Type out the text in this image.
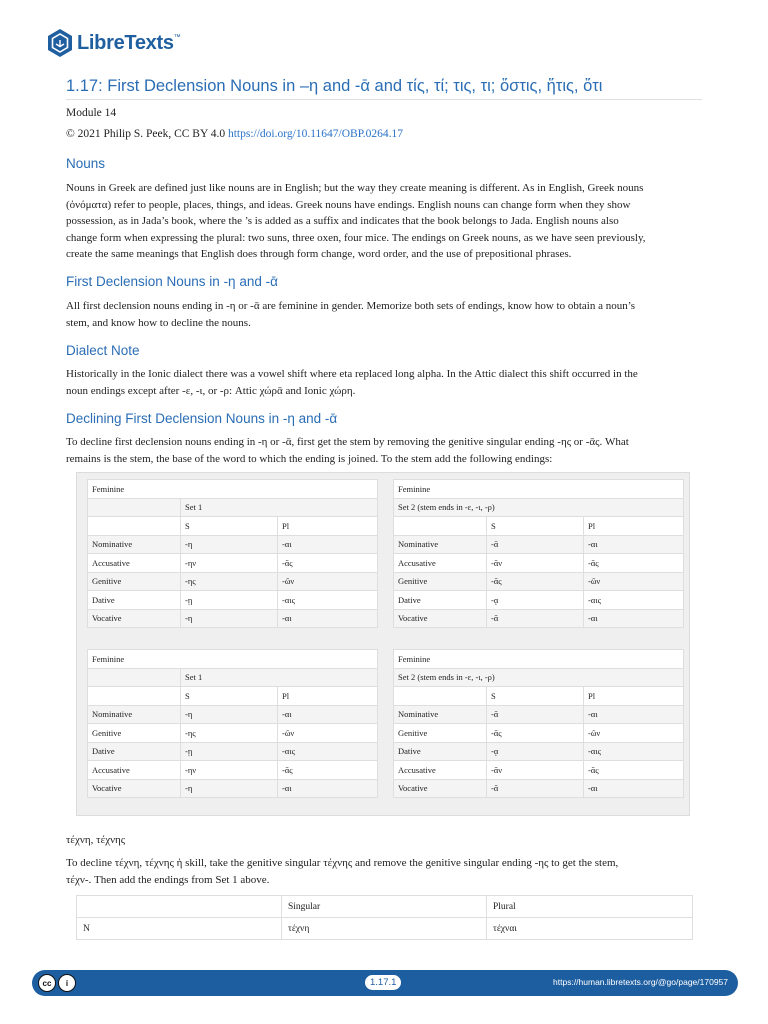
LibreTexts™
1.17: First Declension Nouns in –η and -ᾱ and τίς, τί; τις, τι; ὅστις, ἥτις, ὅτι
Module 14
© 2021 Philip S. Peek, CC BY 4.0 https://doi.org/10.11647/OBP.0264.17
Nouns
Nouns in Greek are defined just like nouns are in English; but the way they create meaning is different. As in English, Greek nouns
(ὀνόματα) refer to people, places, things, and ideas. Greek nouns have endings. English nouns can change form when they show
possession, as in Jada’s book, where the ’s is added as a suffix and indicates that the book belongs to Jada. English nouns also
change form when expressing the plural: two suns, three oxen, four mice. The endings on Greek nouns, as we have seen previously,
create the same meanings that English does through form change, word order, and the use of prepositional phrases.
First Declension Nouns in -η and -ᾱ
All first declension nouns ending in -η or -ᾱ are feminine in gender. Memorize both sets of endings, know how to obtain a noun’s
stem, and know how to decline the nouns.
Dialect Note
Historically in the Ionic dialect there was a vowel shift where eta replaced long alpha. In the Attic dialect this shift occurred in the
noun endings except after -ε, -ι, or -ρ: Attic χώρᾱ and Ionic χώρη.
Declining First Declension Nouns in -η and -ᾱ
To decline first declension nouns ending in -η or -ᾱ, first get the stem by removing the genitive singular ending -ης or -ᾱς. What
remains is the stem, the base of the word to which the ending is joined. To the stem add the following endings:
Feminine		
	Set 1	
	S	Pl
Nominative	-η	-αι
Accusative	-ην	-ᾱς
Genitive	-ης	-ῶν
Dative	-ῃ	-αις
Vocative	-η	-αι
Feminine		
Set 2 (stem ends in -ε, -ι, -ρ)		
	S	Pl
Nominative	-ᾱ	-αι
Accusative	-ᾱν	-ᾱς
Genitive	-ᾱς	-ῶν
Dative	-ᾳ	-αις
Vocative	-ᾱ	-αι
Feminine		
	Set 1	
	S	Pl
Nominative	-η	-αι
Genitive	-ης	-ῶν
Dative	-ῃ	-αις
Accusative	-ην	-ᾱς
Vocative	-η	-αι
Feminine		
Set 2 (stem ends in -ε, -ι, -ρ)		
	S	Pl
Nominative	-ᾱ	-αι
Genitive	-ᾱς	-ῶν
Dative	-ᾳ	-αις
Accusative	-ᾱν	-ᾱς
Vocative	-ᾱ	-αι
τέχνη, τέχνης
To decline τέχνη, τέχνης ἡ skill, take the genitive singular τέχνης and remove the genitive singular ending -ης to get the stem,
τέχν-. Then add the endings from Set 1 above.
	Singular	Plural
N	τέχνη	τέχναι
cc	i	1.17.1	https://human.libretexts.org/@go/page/170957
